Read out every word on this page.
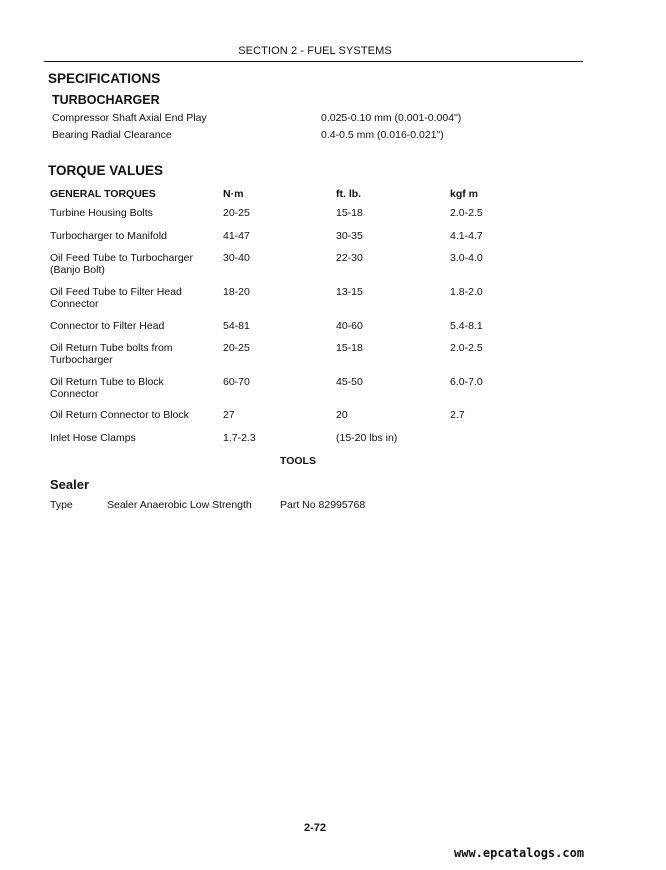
SECTION 2 - FUEL SYSTEMS
SPECIFICATIONS
TURBOCHARGER
Compressor Shaft Axial End Play	0.025-0.10 mm (0.001-0.004")
Bearing Radial Clearance	0.4-0.5 mm (0.016-0.021")
TORQUE VALUES
GENERAL TORQUES	N·m	ft. lb.	kgf m
Turbine Housing Bolts	20-25	15-18	2.0-2.5
Turbocharger to Manifold	41-47	30-35	4.1-4.7
Oil Feed Tube to Turbocharger
(Banjo Bolt)
30-40	22-30	3.0-4.0
Oil Feed Tube to Filter Head
Connector
18-20	13-15	1.8-2.0
Connector to Filter Head	54-81	40-60	5.4-8.1
Oil Return Tube bolts from
Turbocharger
20-25	15-18	2.0-2.5
Oil Return Tube to Block
Connector
60-70	45-50	6.0-7.0
Oil Return Connector to Block	27	20	2.7
Inlet Hose Clamps	1.7-2.3	(15-20 lbs in)
TOOLS
Sealer
Type	Sealer Anaerobic Low Strength	Part No 82995768
2-72
www.epcatalogs.com
